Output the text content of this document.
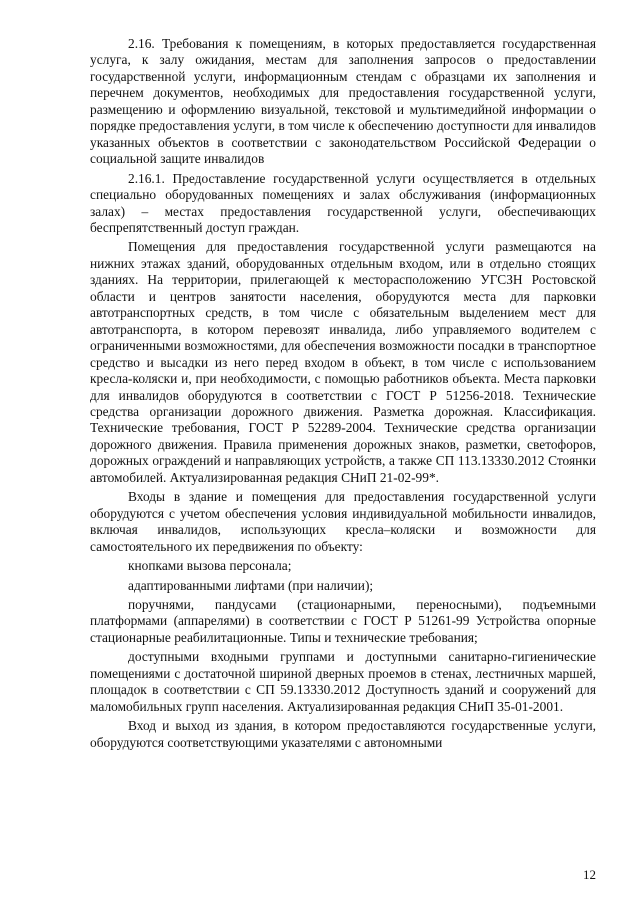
2.16. Требования к помещениям, в которых предоставляется государственная услуга, к залу ожидания, местам для заполнения запросов о предоставлении государственной услуги, информационным стендам с образцами их заполнения и перечнем документов, необходимых для предоставления государственной услуги, размещению и оформлению визуальной, текстовой и мультимедийной информации о порядке предоставления услуги, в том числе к обеспечению доступности для инвалидов указанных объектов в соответствии с законодательством Российской Федерации о социальной защите инвалидов

2.16.1. Предоставление государственной услуги осуществляется в отдельных специально оборудованных помещениях и залах обслуживания (информационных залах) – местах предоставления государственной услуги, обеспечивающих беспрепятственный доступ граждан.

Помещения для предоставления государственной услуги размещаются на нижних этажах зданий, оборудованных отдельным входом, или в отдельно стоящих зданиях. На территории, прилегающей к месторасположению УГСЗН Ростовской области и центров занятости населения, оборудуются места для парковки автотранспортных средств, в том числе с обязательным выделением мест для автотранспорта, в котором перевозят инвалида, либо управляемого водителем с ограниченными возможностями, для обеспечения возможности посадки в транспортное средство и высадки из него перед входом в объект, в том числе с использованием кресла-коляски и, при необходимости, с помощью работников объекта. Места парковки для инвалидов оборудуются в соответствии с ГОСТ Р 51256-2018. Технические средства организации дорожного движения. Разметка дорожная. Классификация. Технические требования, ГОСТ Р 52289-2004. Технические средства организации дорожного движения. Правила применения дорожных знаков, разметки, светофоров, дорожных ограждений и направляющих устройств, а также СП 113.13330.2012 Стоянки автомобилей. Актуализированная редакция СНиП 21-02-99*.

Входы в здание и помещения для предоставления государственной услуги оборудуются с учетом обеспечения условия индивидуальной мобильности инвалидов, включая инвалидов, использующих кресла–коляски и возможности для самостоятельного их передвижения по объекту:

кнопками вызова персонала;

адаптированными лифтами (при наличии);

поручнями, пандусами (стационарными, переносными), подъемными платформами (аппарелями) в соответствии с ГОСТ Р 51261-99 Устройства опорные стационарные реабилитационные. Типы и технические требования;

доступными входными группами и доступными санитарно-гигиенические помещениями с достаточной шириной дверных проемов в стенах, лестничных маршей, площадок в соответствии с СП 59.13330.2012 Доступность зданий и сооружений для маломобильных групп населения. Актуализированная редакция СНиП 35-01-2001.

Вход и выход из здания, в котором предоставляются государственные услуги, оборудуются соответствующими указателями с автономными

12
